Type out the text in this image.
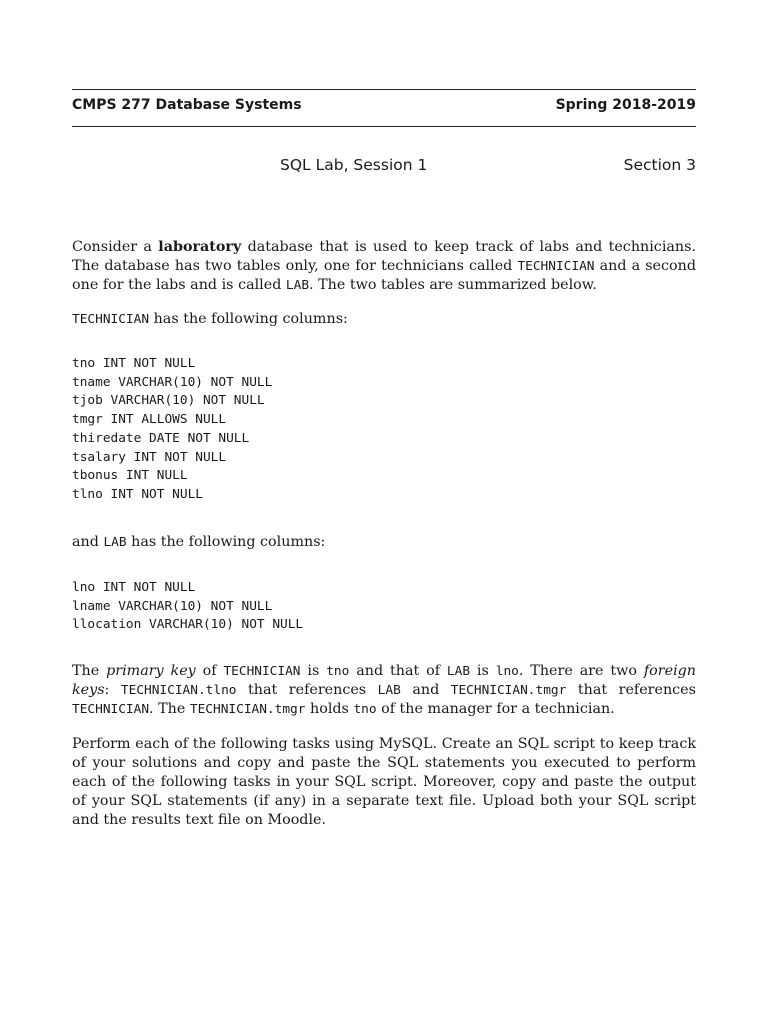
CMPS 277 Database Systems	Spring 2018-2019
SQL Lab, Session 1	Section 3
Consider a laboratory database that is used to keep track of labs and technicians. The database has two tables only, one for technicians called TECHNICIAN and a second one for the labs and is called LAB. The two tables are summarized below.
TECHNICIAN has the following columns:
tno INT NOT NULL
tname VARCHAR(10) NOT NULL
tjob VARCHAR(10) NOT NULL
tmgr INT ALLOWS NULL
thiredate DATE NOT NULL
tsalary INT NOT NULL
tbonus INT NULL
tlno INT NOT NULL
and LAB has the following columns:
lno INT NOT NULL
lname VARCHAR(10) NOT NULL
llocation VARCHAR(10) NOT NULL
The primary key of TECHNICIAN is tno and that of LAB is lno. There are two foreign keys: TECHNICIAN.tlno that references LAB and TECHNICIAN.tmgr that references TECHNICIAN. The TECHNICIAN.tmgr holds tno of the manager for a technician.
Perform each of the following tasks using MySQL. Create an SQL script to keep track of your solutions and copy and paste the SQL statements you executed to perform each of the following tasks in your SQL script. Moreover, copy and paste the output of your SQL statements (if any) in a separate text file. Upload both your SQL script and the results text file on Moodle.
